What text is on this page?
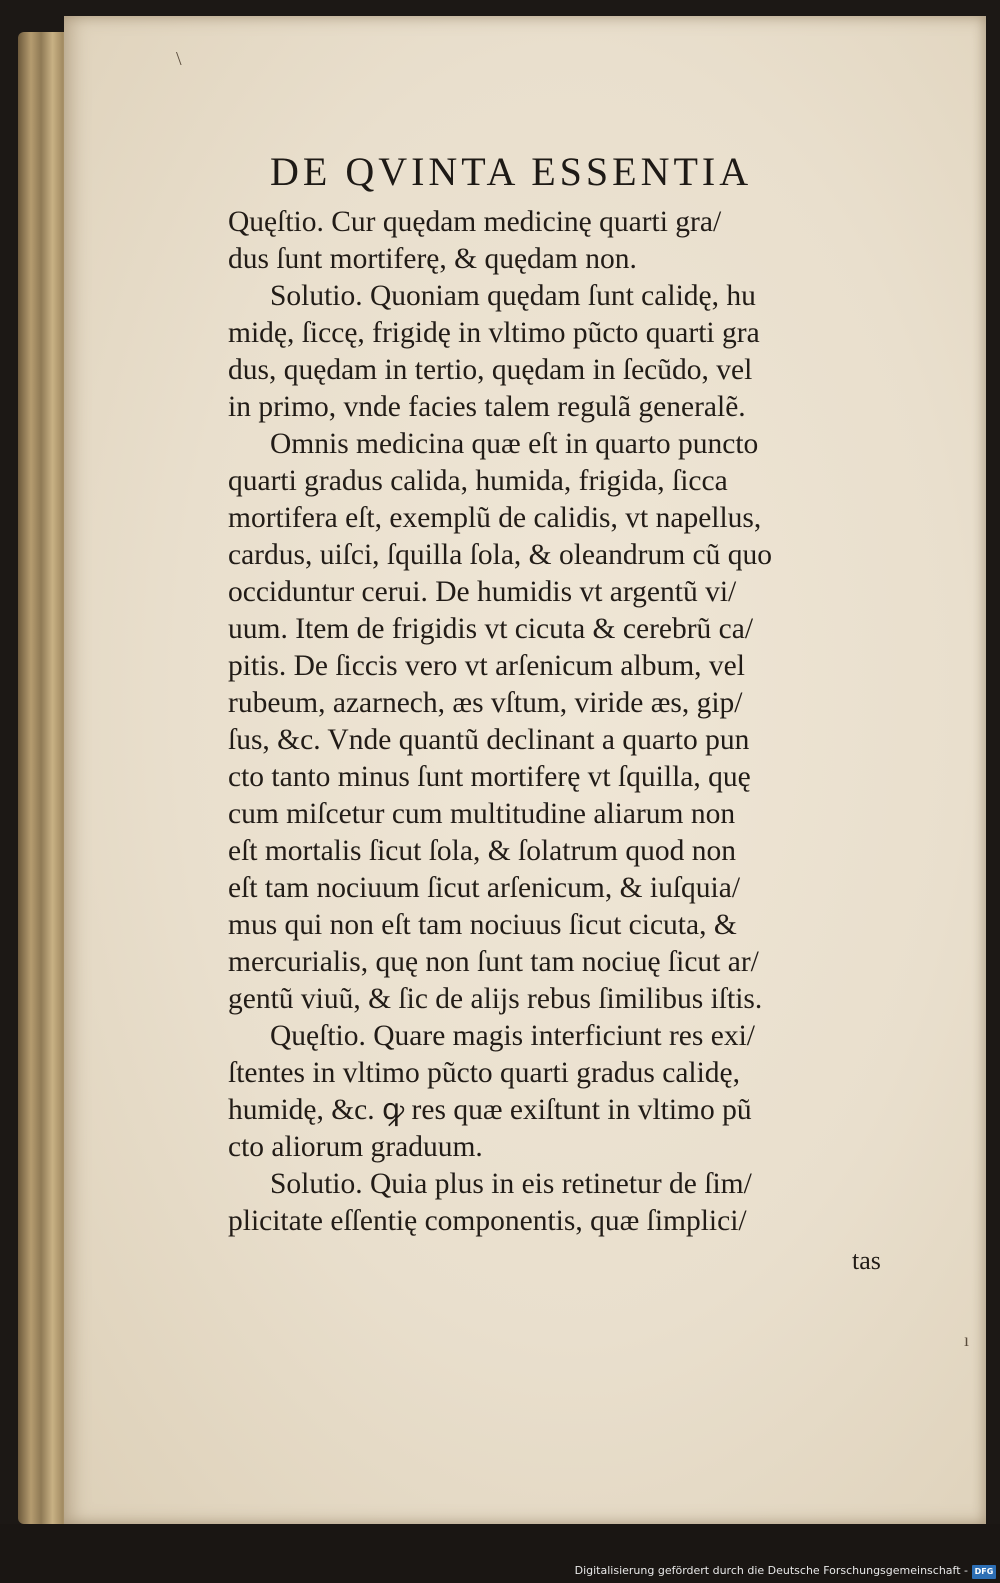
DE QVINTA ESSENTIA
Quęſtio. Cur quędam medicinę quarti gra/
dus ſunt mortiferę, & quędam non.
Solutio. Quoniam quędam ſunt calidę, hu
midę, ſiccę, frigidę in vltimo pũcto quarti gra
dus, quędam in tertio, quędam in ſecũdo, vel
in primo, vnde facies talem regulã generalẽ.
Omnis medicina quæ eſt in quarto puncto
quarti gradus calida, humida, frigida, ſicca
mortifera eſt, exemplũ de calidis, vt napellus,
cardus, uiſci, ſquilla ſola, & oleandrum cũ quo
occiduntur cerui. De humidis vt argentũ vi/
uum. Item de frigidis vt cicuta & cerebrũ ca/
pitis. De ſiccis vero vt arſenicum album, vel
rubeum, azarnech, æs vſtum, viride æs, gip/
ſus, &c. Vnde quantũ declinant a quarto pun
cto tanto minus ſunt mortiferę vt ſquilla, quę
cum miſcetur cum multitudine aliarum non
eſt mortalis ſicut ſola, & ſolatrum quod non
eſt tam nociuum ſicut arſenicum, & iuſquia/
mus qui non eſt tam nociuus ſicut cicuta, &
mercurialis, quę non ſunt tam nociuę ſicut ar/
gentũ viuũ, & ſic de alijs rebus ſimilibus iſtis.
Quęſtio. Quare magis interficiunt res exi/
ſtentes in vltimo pũcto quarti gradus calidę,
humidę, &c. ꝙ res quæ exiſtunt in vltimo pũ
cto aliorum graduum.
Solutio. Quia plus in eis retinetur de ſim/
plicitate eſſentię componentis, quæ ſimplici/
tas
\
ı
Digitalisierung gefördert durch die Deutsche Forschungsgemeinschaft - DFG
